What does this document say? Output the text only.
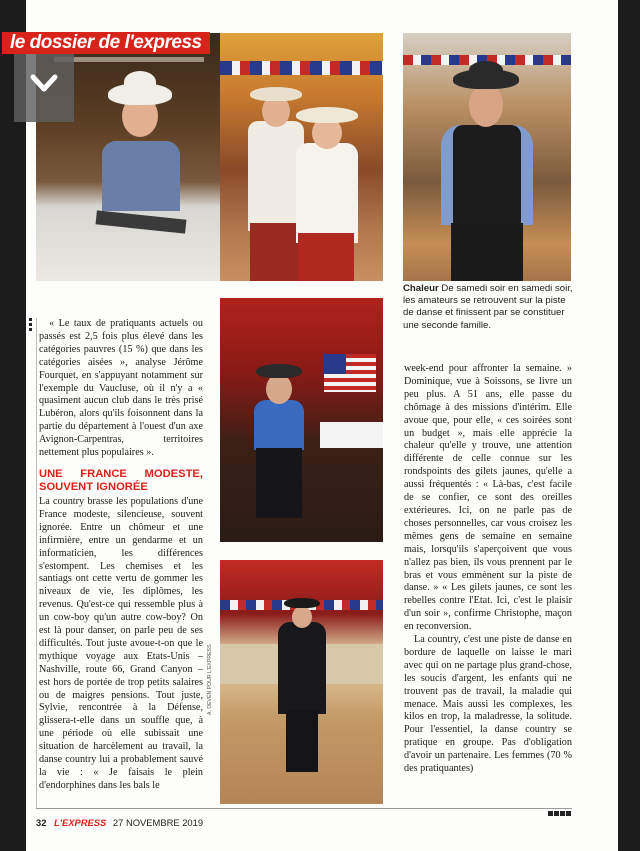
le dossier de l'express
Chaleur De samedi soir en samedi soir, les amateurs se retrouvent sur la piste de danse et finissent par se constituer une seconde famille.

« Le taux de pratiquants actuels ou passés est 2,5 fois plus élevé dans les catégories pauvres (15 %) que dans les catégories aisées », analyse Jérôme Fourquet, en s'appuyant notamment sur l'exemple du Vaucluse, où il n'y a « quasiment aucun club dans le très prisé Lubéron, alors qu'ils foisonnent dans la partie du département à l'ouest d'un axe Avignon-Carpentras, territoires nettement plus populaires ».

UNE FRANCE MODESTE, SOUVENT IGNORÉE

La country brasse les populations d'une France modeste, silencieuse, souvent ignorée. Entre un chômeur et une infirmière, entre un gendarme et un informaticien, les différences s'estompent. Les chemises et les santiags ont cette vertu de gommer les niveaux de vie, les diplômes, les revenus. Qu'est-ce qui ressemble plus à un cow-boy qu'un autre cow-boy? On est là pour danser, on parle peu de ses difficultés. Tout juste avoue-t-on que le mythique voyage aux Etats-Unis – Nashville, route 66, Grand Canyon – est hors de portée de trop petits salaires ou de maigres pensions. Tout juste, Sylvie, rencontrée à la Défense, glissera-t-elle dans un souffle que, à une période où elle subissait une situation de harcèlement au travail, la danse country lui a probablement sauvé la vie : « Je faisais le plein d'endorphines dans les bals le

week-end pour affronter la semaine. » Dominique, vue à Soissons, se livre un peu plus. A 51 ans, elle passe du chômage à des missions d'intérim. Elle avoue que, pour elle, « ces soirées sont un budget », mais elle apprécie la chaleur qu'elle y trouve, une attention différente de celle connue sur les rondspoints des gilets jaunes, qu'elle a aussi fréquentés : « Là-bas, c'est facile de se confier, ce sont des oreilles extérieures. Ici, on ne parle pas de choses personnelles, car vous croisez les mêmes gens de semaine en semaine mais, lorsqu'ils s'aperçoivent que vous n'allez pas bien, ils vous prennent par le bras et vous emmènent sur la piste de danse. » « Les gilets jaunes, ce sont les rebelles contre l'Etat. Ici, c'est le plaisir d'un soir », confirme Christophe, maçon en reconversion.

La country, c'est une piste de danse en bordure de laquelle on laisse le mari avec qui on ne partage plus grand-chose, les soucis d'argent, les enfants qui ne trouvent pas de travail, la maladie qui menace. Mais aussi les complexes, les kilos en trop, la maladresse, la solitude. Pour l'essentiel, la danse country se pratique en groupe. Pas d'obligation d'avoir un partenaire. Les femmes (70 % des pratiquantes)

A. DEVEN POUR L'EXPRESS
32 L'EXPRESS 27 NOVEMBRE 2019
